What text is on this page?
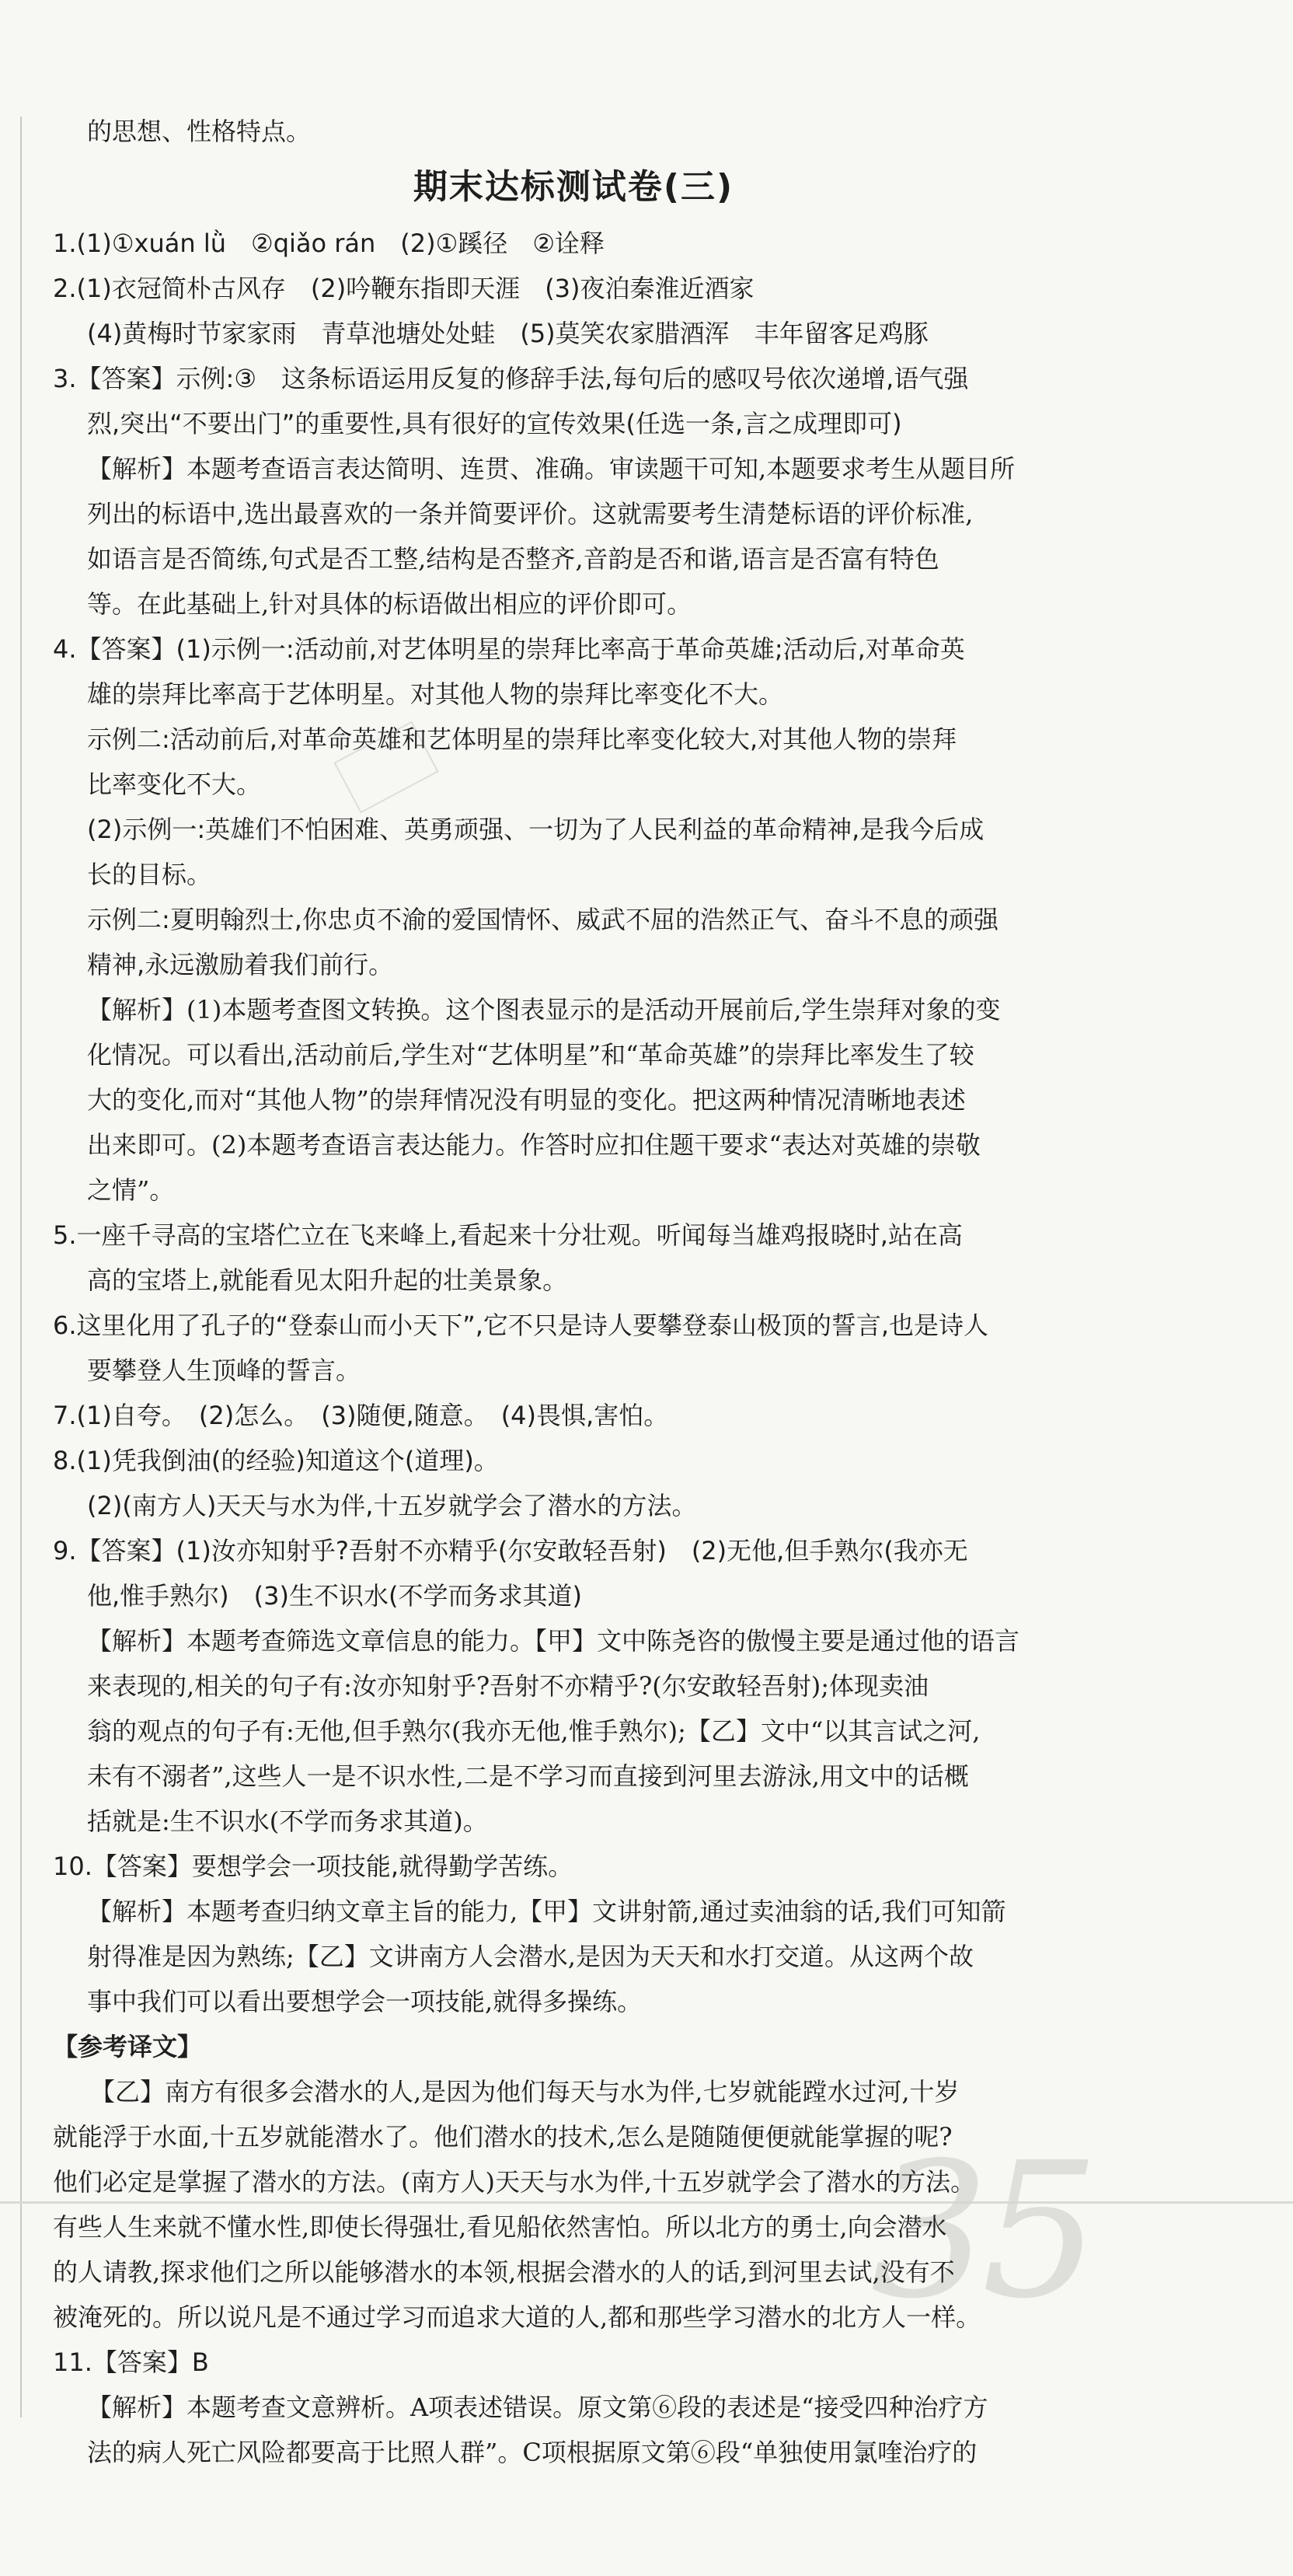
35
的思想、性格特点。
期末达标测试卷(三)
1.(1)①xuán lǜ　②qiǎo rán　(2)①蹊径　②诠释
2.(1)衣冠简朴古风存　(2)吟鞭东指即天涯　(3)夜泊秦淮近酒家
(4)黄梅时节家家雨　青草池塘处处蛙　(5)莫笑农家腊酒浑　丰年留客足鸡豚
3.【答案】示例:③　这条标语运用反复的修辞手法,每句后的感叹号依次递增,语气强
烈,突出“不要出门”的重要性,具有很好的宣传效果(任选一条,言之成理即可)
【解析】本题考查语言表达简明、连贯、准确。审读题干可知,本题要求考生从题目所
列出的标语中,选出最喜欢的一条并简要评价。这就需要考生清楚标语的评价标准,
如语言是否简练,句式是否工整,结构是否整齐,音韵是否和谐,语言是否富有特色
等。在此基础上,针对具体的标语做出相应的评价即可。
4.【答案】(1)示例一:活动前,对艺体明星的崇拜比率高于革命英雄;活动后,对革命英
雄的崇拜比率高于艺体明星。对其他人物的崇拜比率变化不大。
示例二:活动前后,对革命英雄和艺体明星的崇拜比率变化较大,对其他人物的崇拜
比率变化不大。
(2)示例一:英雄们不怕困难、英勇顽强、一切为了人民利益的革命精神,是我今后成
长的目标。
示例二:夏明翰烈士,你忠贞不渝的爱国情怀、威武不屈的浩然正气、奋斗不息的顽强
精神,永远激励着我们前行。
【解析】(1)本题考查图文转换。这个图表显示的是活动开展前后,学生崇拜对象的变
化情况。可以看出,活动前后,学生对“艺体明星”和“革命英雄”的崇拜比率发生了较
大的变化,而对“其他人物”的崇拜情况没有明显的变化。把这两种情况清晰地表述
出来即可。(2)本题考查语言表达能力。作答时应扣住题干要求“表达对英雄的崇敬
之情”。
5.一座千寻高的宝塔伫立在飞来峰上,看起来十分壮观。听闻每当雄鸡报晓时,站在高
高的宝塔上,就能看见太阳升起的壮美景象。
6.这里化用了孔子的“登泰山而小天下”,它不只是诗人要攀登泰山极顶的誓言,也是诗人
要攀登人生顶峰的誓言。
7.(1)自夸。　(2)怎么。　(3)随便,随意。　(4)畏惧,害怕。
8.(1)凭我倒油(的经验)知道这个(道理)。
(2)(南方人)天天与水为伴,十五岁就学会了潜水的方法。
9.【答案】(1)汝亦知射乎?吾射不亦精乎(尔安敢轻吾射)　(2)无他,但手熟尔(我亦无
他,惟手熟尔)　(3)生不识水(不学而务求其道)
【解析】本题考查筛选文章信息的能力。【甲】文中陈尧咨的傲慢主要是通过他的语言
来表现的,相关的句子有:汝亦知射乎?吾射不亦精乎?(尔安敢轻吾射);体现卖油
翁的观点的句子有:无他,但手熟尔(我亦无他,惟手熟尔);【乙】文中“以其言试之河,
未有不溺者”,这些人一是不识水性,二是不学习而直接到河里去游泳,用文中的话概
括就是:生不识水(不学而务求其道)。
10.【答案】要想学会一项技能,就得勤学苦练。
【解析】本题考查归纳文章主旨的能力,【甲】文讲射箭,通过卖油翁的话,我们可知箭
射得准是因为熟练;【乙】文讲南方人会潜水,是因为天天和水打交道。从这两个故
事中我们可以看出要想学会一项技能,就得多操练。
【参考译文】
　　【乙】南方有很多会潜水的人,是因为他们每天与水为伴,七岁就能蹚水过河,十岁
就能浮于水面,十五岁就能潜水了。他们潜水的技术,怎么是随随便便就能掌握的呢?
他们必定是掌握了潜水的方法。(南方人)天天与水为伴,十五岁就学会了潜水的方法。
有些人生来就不懂水性,即使长得强壮,看见船依然害怕。所以北方的勇士,向会潜水
的人请教,探求他们之所以能够潜水的本领,根据会潜水的人的话,到河里去试,没有不
被淹死的。所以说凡是不通过学习而追求大道的人,都和那些学习潜水的北方人一样。
11.【答案】B
【解析】本题考查文意辨析。A项表述错误。原文第⑥段的表述是“接受四种治疗方
法的病人死亡风险都要高于比照人群”。C项根据原文第⑥段“单独使用氯喹治疗的
